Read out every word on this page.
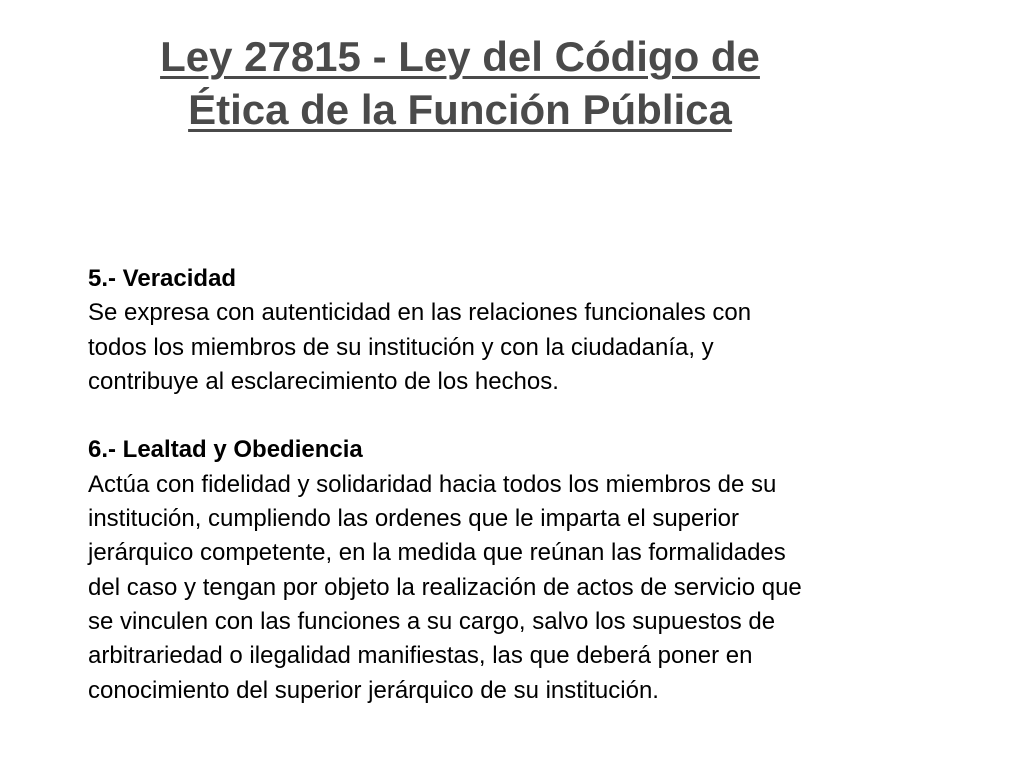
Ley 27815 - Ley del Código de
Ética de la Función Pública
5.- Veracidad
Se expresa con autenticidad en las relaciones funcionales con
todos los miembros de su institución y con la ciudadanía, y
contribuye al esclarecimiento de los hechos.
6.- Lealtad y Obediencia
Actúa con fidelidad y solidaridad hacia todos los miembros de su
institución, cumpliendo las ordenes que le imparta el superior
jerárquico competente, en la medida que reúnan las formalidades
del caso y tengan por objeto la realización de actos de servicio que
se vinculen con las funciones a su cargo, salvo los supuestos de
arbitrariedad o ilegalidad manifiestas, las que deberá poner en
conocimiento del superior jerárquico de su institución.
